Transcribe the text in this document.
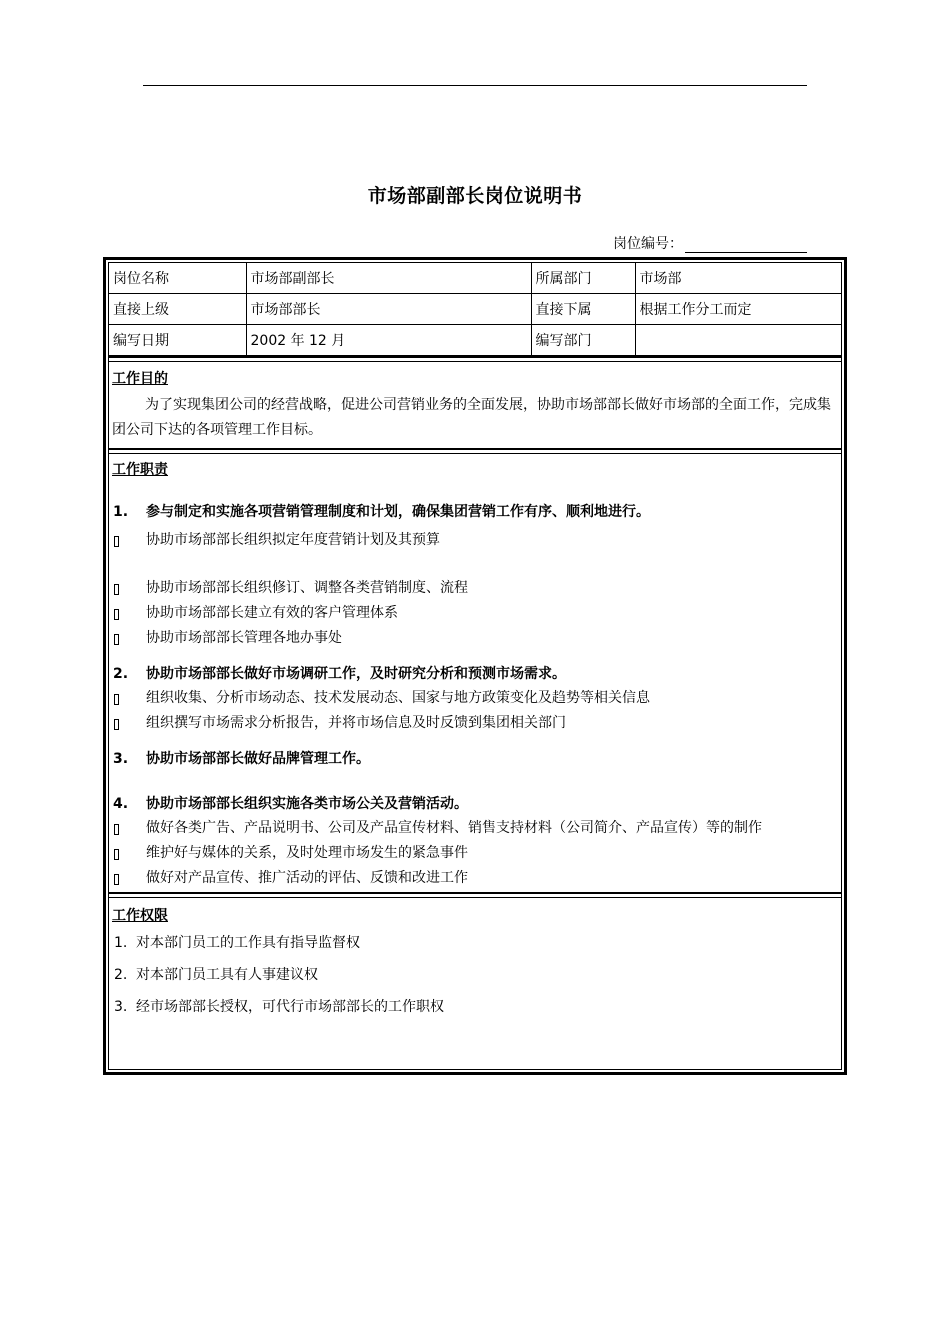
市场部副部长岗位说明书
岗位编号：
岗位名称	市场部副部长	所属部门	市场部
直接上级	市场部部长	直接下属	根据工作分工而定
编写日期	2002 年 12 月	编写部门	
工作目的
为了实现集团公司的经营战略，促进公司营销业务的全面发展，协助市场部部长做好市场部的全面工作，完成集团公司下达的各项管理工作目标。
工作职责
1. 参与制定和实施各项营销管理制度和计划，确保集团营销工作有序、顺利地进行。
协助市场部部长组织拟定年度营销计划及其预算
协助市场部部长组织修订、调整各类营销制度、流程
协助市场部部长建立有效的客户管理体系
协助市场部部长管理各地办事处
2. 协助市场部部长做好市场调研工作，及时研究分析和预测市场需求。
组织收集、分析市场动态、技术发展动态、国家与地方政策变化及趋势等相关信息
组织撰写市场需求分析报告，并将市场信息及时反馈到集团相关部门
3. 协助市场部部长做好品牌管理工作。
4. 协助市场部部长组织实施各类市场公关及营销活动。
做好各类广告、产品说明书、公司及产品宣传材料、销售支持材料（公司简介、产品宣传）等的制作
维护好与媒体的关系，及时处理市场发生的紧急事件
做好对产品宣传、推广活动的评估、反馈和改进工作
工作权限
1. 对本部门员工的工作具有指导监督权
2. 对本部门员工具有人事建议权
3. 经市场部部长授权，可代行市场部部长的工作职权
